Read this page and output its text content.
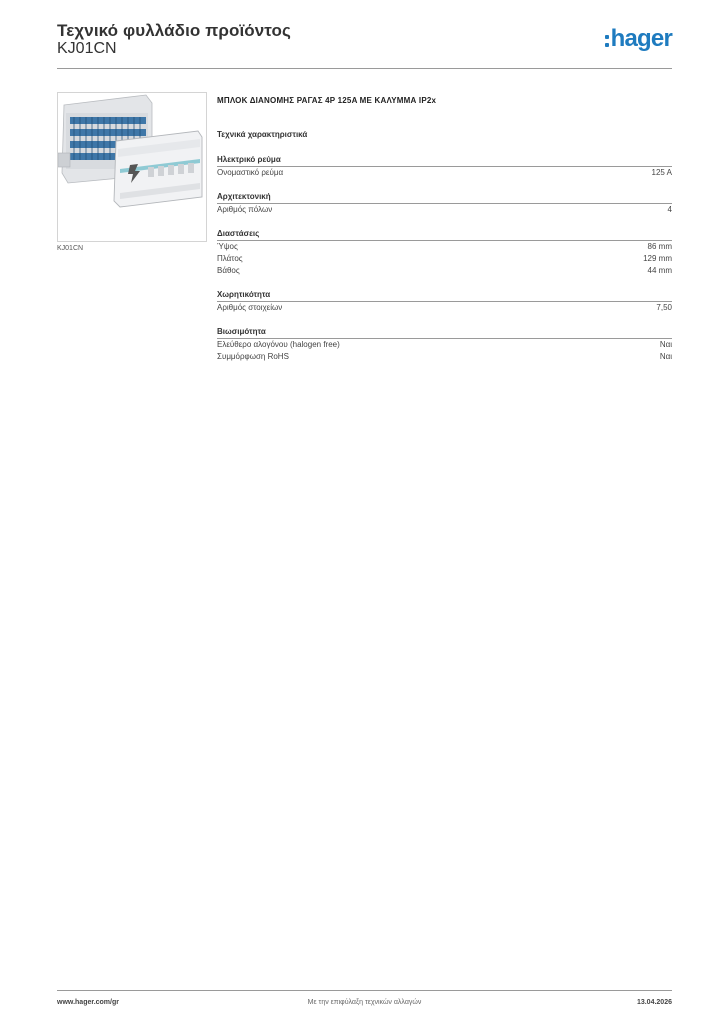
Τεχνικό φυλλάδιο προϊόντος
KJ01CN	hager
KJ01CN
ΜΠΛΟΚ ΔΙΑΝΟΜΗΣ ΡΑΓΑΣ 4P 125A ΜΕ ΚΑΛΥΜΜΑ IP2x
Τεχνικά χαρακτηριστικά
Ηλεκτρικό ρεύμα
Ονομαστικό ρεύμα	125 A
Αρχιτεκτονική
Αριθμός πόλων	4
Διαστάσεις
Ύψος	86 mm
Πλάτος	129 mm
Βάθος	44 mm
Χωρητικότητα
Αριθμός στοιχείων	7,50
Βιωσιμότητα
Ελεύθερο αλογόνου (halogen free)	Ναι
Συμμόρφωση RoHS	Ναι
www.hager.com/gr	Με την επιφύλαξη τεχνικών αλλαγών	13.04.2026
